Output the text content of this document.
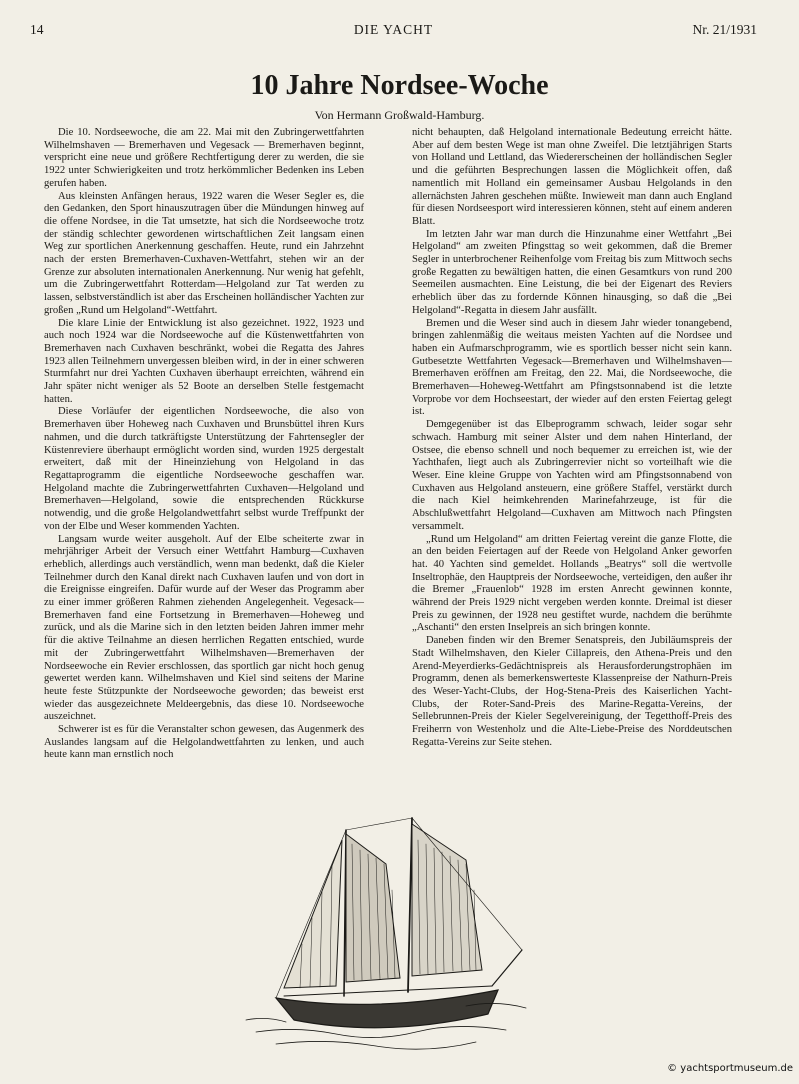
14	DIE YACHT	Nr. 21/1931
10 Jahre Nordsee-Woche
Von Hermann Großwald-Hamburg.

Die 10. Nordseewoche, die am 22. Mai mit den Zubringerwettfahrten Wilhelmshaven — Bremerhaven und Vegesack — Bremerhaven beginnt, verspricht eine neue und größere Rechtfertigung derer zu werden, die sie 1922 unter Schwierigkeiten und trotz herkömmlicher Bedenken ins Leben gerufen haben.

Aus kleinsten Anfängen heraus, 1922 waren die Weser Segler es, die den Gedanken, den Sport hinauszutragen über die Mündungen hinweg auf die offene Nordsee, in die Tat umsetzte, hat sich die Nordseewoche trotz der ständig schlechter gewordenen wirtschaftlichen Zeit langsam einen Weg zur sportlichen Anerkennung geschaffen. Heute, rund ein Jahrzehnt nach der ersten Bremerhaven-Cuxhaven-Wettfahrt, stehen wir an der Grenze zur absoluten internationalen Anerkennung. Nur wenig hat gefehlt, um die Zubringerwettfahrt Rotterdam—Helgoland zur Tat werden zu lassen, selbstverständlich ist aber das Erscheinen holländischer Yachten zur großen „Rund um Helgoland“-Wettfahrt.

Die klare Linie der Entwicklung ist also gezeichnet. 1922, 1923 und auch noch 1924 war die Nordseewoche auf die Küstenwettfahrten von Bremerhaven nach Cuxhaven beschränkt, wobei die Regatta des Jahres 1923 allen Teilnehmern unvergessen bleiben wird, in der in einer schweren Sturmfahrt nur drei Yachten Cuxhaven überhaupt erreichten, während ein Jahr später nicht weniger als 52 Boote an derselben Stelle festgemacht hatten.

Diese Vorläufer der eigentlichen Nordseewoche, die also von Bremerhaven über Hoheweg nach Cuxhaven und Brunsbüttel ihren Kurs nahmen, und die durch tatkräftigste Unterstützung der Fahrtensegler der Küstenreviere überhaupt ermöglicht worden sind, wurden 1925 dergestalt erweitert, daß mit der Hineinziehung von Helgoland in das Regattaprogramm die eigentliche Nordseewoche geschaffen war. Helgoland machte die Zubringerwettfahrten Cuxhaven—Helgoland und Bremerhaven—Helgoland, sowie die entsprechenden Rückkurse notwendig, und die große Helgolandwettfahrt selbst wurde Treffpunkt der von der Elbe und Weser kommenden Yachten.

Langsam wurde weiter ausgeholt. Auf der Elbe scheiterte zwar in mehrjähriger Arbeit der Versuch einer Wettfahrt Hamburg—Cuxhaven erheblich, allerdings auch verständlich, wenn man bedenkt, daß die Kieler Teilnehmer durch den Kanal direkt nach Cuxhaven laufen und von dort in die Ereignisse eingreifen. Dafür wurde auf der Weser das Programm aber zu einer immer größeren Rahmen ziehenden Angelegenheit. Vegesack—Bremerhaven fand eine Fortsetzung in Bremerhaven—Hoheweg und zurück, und als die Marine sich in den letzten beiden Jahren immer mehr für die aktive Teilnahme an diesen herrlichen Regatten entschied, wurde mit der Zubringerwettfahrt Wilhelmshaven—Bremerhaven der Nordseewoche ein Revier erschlossen, das sportlich gar nicht hoch genug gewertet werden kann. Wilhelmshaven und Kiel sind seitens der Marine heute feste Stützpunkte der Nordseewoche geworden; das beweist erst wieder das ausgezeichnete Meldeergebnis, das diese 10. Nordseewoche auszeichnet.

Schwerer ist es für die Veranstalter schon gewesen, das Augenmerk des Auslandes langsam auf die Helgolandwettfahrten zu lenken, und auch heute kann man ernstlich noch

nicht behaupten, daß Helgoland internationale Bedeutung erreicht hätte. Aber auf dem besten Wege ist man ohne Zweifel. Die letztjährigen Starts von Holland und Lettland, das Wiedererscheinen der holländischen Segler und die geführten Besprechungen lassen die Möglichkeit offen, daß namentlich mit Holland ein gemeinsamer Ausbau Helgolands in den allernächsten Jahren geschehen müßte. Inwieweit man dann auch England für diesen Nordseesport wird interessieren können, steht auf einem anderen Blatt.

Im letzten Jahr war man durch die Hinzunahme einer Wettfahrt „Bei Helgoland“ am zweiten Pfingsttag so weit gekommen, daß die Bremer Segler in unterbrochener Reihenfolge vom Freitag bis zum Mittwoch sechs große Regatten zu bewältigen hatten, die einen Gesamtkurs von rund 200 Seemeilen ausmachten. Eine Leistung, die bei der Eigenart des Reviers erheblich über das zu fordernde Können hinausging, so daß die „Bei Helgoland“-Regatta in diesem Jahr ausfällt.

Bremen und die Weser sind auch in diesem Jahr wieder tonangebend, bringen zahlenmäßig die weitaus meisten Yachten auf die Nordsee und haben ein Aufmarschprogramm, wie es sportlich besser nicht sein kann. Gutbesetzte Wettfahrten Vegesack—Bremerhaven und Wilhelmshaven—Bremerhaven eröffnen am Freitag, den 22. Mai, die Nordseewoche, die Bremerhaven—Hoheweg-Wettfahrt am Pfingstsonnabend ist die letzte Vorprobe vor dem Hochseestart, der wieder auf den ersten Feiertag gelegt ist.

Demgegenüber ist das Elbeprogramm schwach, leider sogar sehr schwach. Hamburg mit seiner Alster und dem nahen Hinterland, der Ostsee, die ebenso schnell und noch bequemer zu erreichen ist, wie der Yachthafen, liegt auch als Zubringerrevier nicht so vorteilhaft wie die Weser. Eine kleine Gruppe von Yachten wird am Pfingstsonnabend von Cuxhaven aus Helgoland ansteuern, eine größere Staffel, verstärkt durch die nach Kiel heimkehrenden Marinefahrzeuge, ist für die Abschlußwettfahrt Helgoland—Cuxhaven am Mittwoch nach Pfingsten versammelt.

„Rund um Helgoland“ am dritten Feiertag vereint die ganze Flotte, die an den beiden Feiertagen auf der Reede von Helgoland Anker geworfen hat. 40 Yachten sind gemeldet. Hollands „Beatrys“ soll die wertvolle Inseltrophäe, den Hauptpreis der Nordseewoche, verteidigen, den außer ihr die Bremer „Frauenlob“ 1928 im ersten Anrecht gewinnen konnte, während der Preis 1929 nicht vergeben werden konnte. Dreimal ist dieser Preis zu gewinnen, der 1928 neu gestiftet wurde, nachdem die berühmte „Aschanti“ den ersten Inselpreis an sich bringen konnte.

Daneben finden wir den Bremer Senatspreis, den Jubiläumspreis der Stadt Wilhelmshaven, den Kieler Cillapreis, den Athena-Preis und den Arend-Meyerdierks-Gedächtnispreis als Herausforderungstrophäen im Programm, denen als bemerkenswerteste Klassenpreise der Nathurn-Preis des Weser-Yacht-Clubs, der Hog-Stena-Preis des Kaiserlichen Yacht-Clubs, der Roter-Sand-Preis des Marine-Regatta-Vereins, der Sellebrunnen-Preis der Kieler Segelvereinigung, der Tegetthoff-Preis des Freiherrn von Westenholz und die Alte-Liebe-Preise des Norddeutschen Regatta-Vereins zur Seite stehen.

© yachtsportmuseum.de
